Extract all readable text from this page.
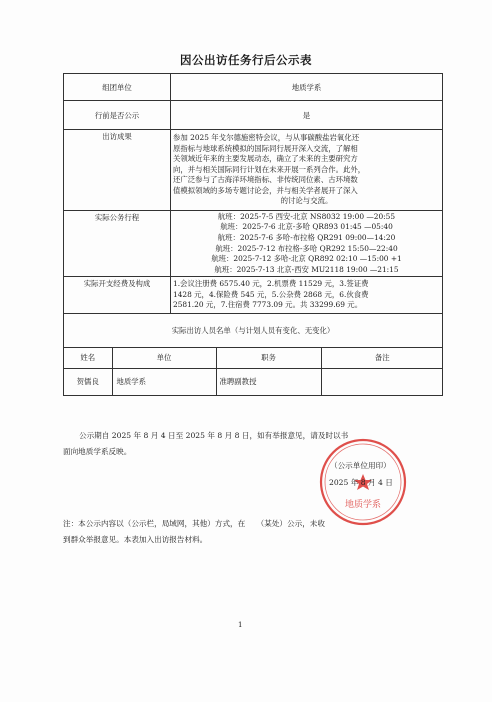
因公出访任务行后公示表
组团单位	地质学系
行前是否公示	是
出访成果	参加 2025 年戈尔德施密特会议，与从事碳酸盐岩氧化还
原指标与地球系统模拟的国际同行展开深入交流，了解相
关领域近年来的主要发展动态，确立了未来的主要研究方
向，并与相关国际同行计划在未来开展一系列合作。此外，
还广泛参与了古海洋环境指标、非传统同位素、古环境数
值模拟领域的多场专题讨论会，并与相关学者展开了深入
的讨论与交流。

实际公务行程	航班：2025-7-5 西安-北京 NS8032 19:00 —20:55
航班：2025-7-6 北京-多哈 QR893 01:45 —05:40
航班：2025-7-6 多哈-布拉格 QR291 09:00—14:20
航班：2025-7-12 布拉格-多哈 QR292 15:50—22:40
航班：2025-7-12 多哈-北京 QR892 02:10 —15:00 +1
航班：2025-7-13 北京-西安 MU2118 19:00 —21:15

实际开支经费及构成	1.会议注册费 6575.40 元，2.机票费 11529 元，3.签证费
1428 元，4.保险费 545 元，5.公杂费 2868 元，6.伙食费
2581.20 元，7.住宿费 7773.09 元。共 33299.69 元。

实际出访人员名单（与计划人员有变化、无变化）

姓名	单位	职务	备注
贺儒良	地质学系	准聘副教授	
公示期自 2025 年 8 月 4 日至 2025 年 8 月 8 日，如有举报意见，请及时以书
面向地质学系反映。
地质学系
（公示单位用印）
2025 年 8 月 4 日
注：本公示内容以（公示栏，局域网，其他）方式，在　　（某处）公示，未收
到群众举报意见。本表加入出访报告材料。
1
